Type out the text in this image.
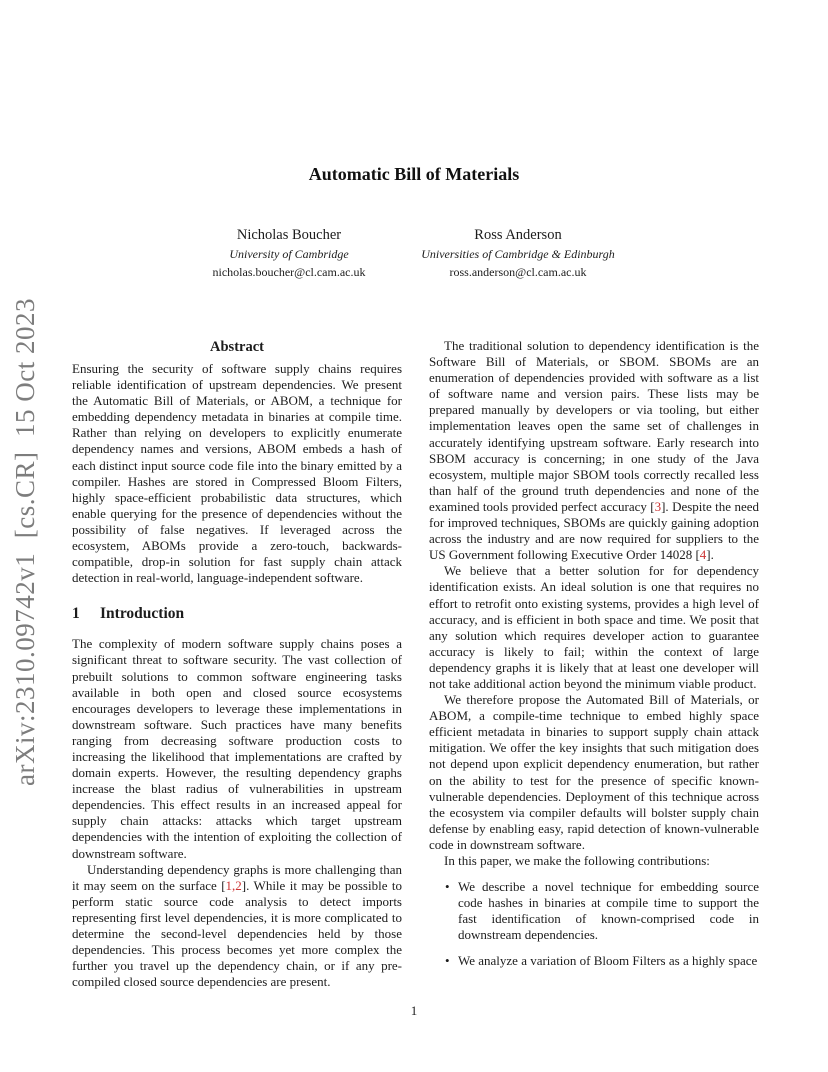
arXiv:2310.09742v1  [cs.CR]  15 Oct 2023
Automatic Bill of Materials
Nicholas Boucher
University of Cambridge
nicholas.boucher@cl.cam.ac.uk
Ross Anderson
Universities of Cambridge & Edinburgh
ross.anderson@cl.cam.ac.uk
Abstract

Ensuring the security of software supply chains requires reliable identification of upstream dependencies. We present the Automatic Bill of Materials, or ABOM, a technique for embedding dependency metadata in binaries at compile time. Rather than relying on developers to explicitly enumerate dependency names and versions, ABOM embeds a hash of each distinct input source code file into the binary emitted by a compiler. Hashes are stored in Compressed Bloom Filters, highly space-efficient probabilistic data structures, which enable querying for the presence of dependencies without the possibility of false negatives. If leveraged across the ecosystem, ABOMs provide a zero-touch, backwards-compatible, drop-in solution for fast supply chain attack detection in real-world, language-independent software.

1 Introduction

The complexity of modern software supply chains poses a significant threat to software security. The vast collection of prebuilt solutions to common software engineering tasks available in both open and closed source ecosystems encourages developers to leverage these implementations in downstream software. Such practices have many benefits ranging from decreasing software production costs to increasing the likelihood that implementations are crafted by domain experts. However, the resulting dependency graphs increase the blast radius of vulnerabilities in upstream dependencies. This effect results in an increased appeal for supply chain attacks: attacks which target upstream dependencies with the intention of exploiting the collection of downstream software.

Understanding dependency graphs is more challenging than it may seem on the surface [1,2]. While it may be possible to perform static source code analysis to detect imports representing first level dependencies, it is more complicated to determine the second-level dependencies held by those dependencies. This process becomes yet more complex the further you travel up the dependency chain, or if any pre-compiled closed source dependencies are present.

The traditional solution to dependency identification is the Software Bill of Materials, or SBOM. SBOMs are an enumeration of dependencies provided with software as a list of software name and version pairs. These lists may be prepared manually by developers or via tooling, but either implementation leaves open the same set of challenges in accurately identifying upstream software. Early research into SBOM accuracy is concerning; in one study of the Java ecosystem, multiple major SBOM tools correctly recalled less than half of the ground truth dependencies and none of the examined tools provided perfect accuracy [3]. Despite the need for improved techniques, SBOMs are quickly gaining adoption across the industry and are now required for suppliers to the US Government following Executive Order 14028 [4].

We believe that a better solution for for dependency identification exists. An ideal solution is one that requires no effort to retrofit onto existing systems, provides a high level of accuracy, and is efficient in both space and time. We posit that any solution which requires developer action to guarantee accuracy is likely to fail; within the context of large dependency graphs it is likely that at least one developer will not take additional action beyond the minimum viable product.

We therefore propose the Automated Bill of Materials, or ABOM, a compile-time technique to embed highly space efficient metadata in binaries to support supply chain attack mitigation. We offer the key insights that such mitigation does not depend upon explicit dependency enumeration, but rather on the ability to test for the presence of specific known-vulnerable dependencies. Deployment of this technique across the ecosystem via compiler defaults will bolster supply chain defense by enabling easy, rapid detection of known-vulnerable code in downstream software.

In this paper, we make the following contributions:

• We describe a novel technique for embedding source code hashes in binaries at compile time to support the fast identification of known-comprised code in downstream dependencies.
• We analyze a variation of Bloom Filters as a highly space
1
